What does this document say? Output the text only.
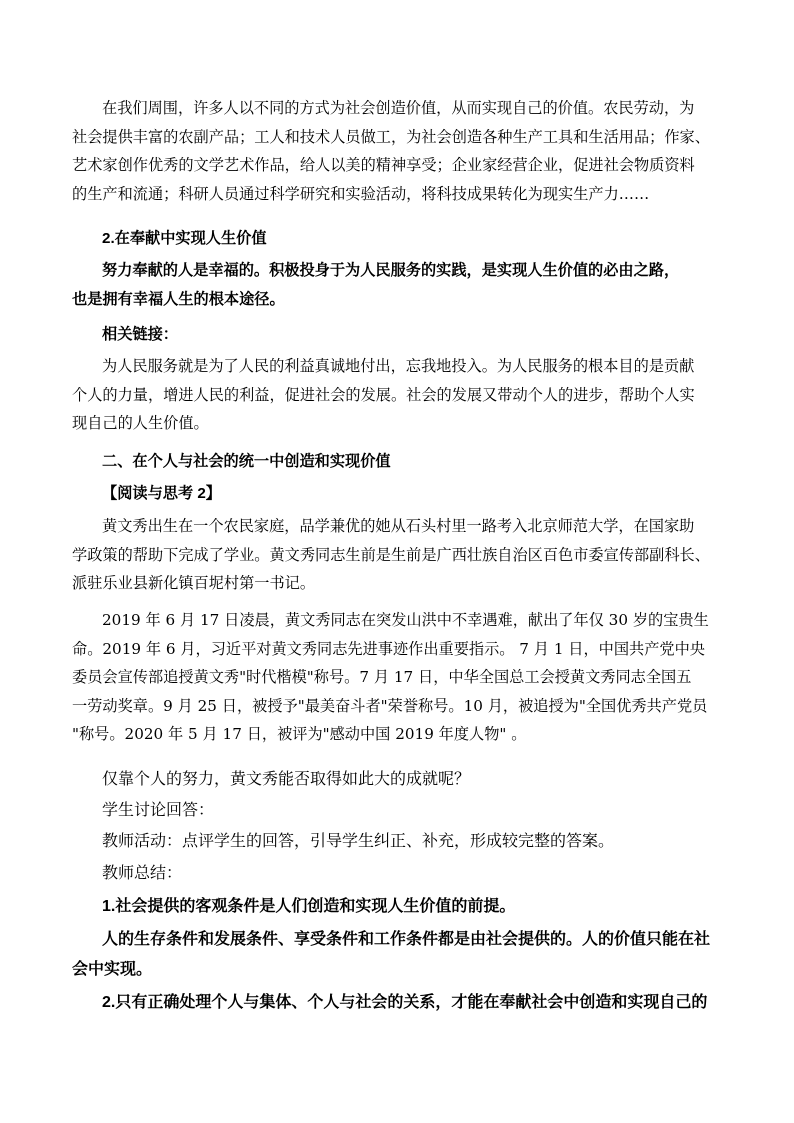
在我们周围，许多人以不同的方式为社会创造价值，从而实现自己的价值。农民劳动，为
社会提供丰富的农副产品；工人和技术人员做工，为社会创造各种生产工具和生活用品；作家、
艺术家创作优秀的文学艺术作品，给人以美的精神享受；企业家经营企业，促进社会物质资料
的生产和流通；科研人员通过科学研究和实验活动，将科技成果转化为现实生产力……
2.在奉献中实现人生价值
努力奉献的人是幸福的。积极投身于为人民服务的实践，是实现人生价值的必由之路，
也是拥有幸福人生的根本途径。
相关链接：
为人民服务就是为了人民的利益真诚地付出，忘我地投入。为人民服务的根本目的是贡献
个人的力量，增进人民的利益，促进社会的发展。社会的发展又带动个人的进步，帮助个人实
现自己的人生价值。
二、在个人与社会的统一中创造和实现价值
【阅读与思考 2】
黄文秀出生在一个农民家庭，品学兼优的她从石头村里一路考入北京师范大学，在国家助
学政策的帮助下完成了学业。黄文秀同志生前是生前是广西壮族自治区百色市委宣传部副科长、
派驻乐业县新化镇百坭村第一书记。
2019 年 6 月 17 日凌晨，黄文秀同志在突发山洪中不幸遇难，献出了年仅 30 岁的宝贵生
命。2019 年 6 月，习近平对黄文秀同志先进事迹作出重要指示。 7 月 1 日，中国共产党中央
委员会宣传部追授黄文秀"时代楷模"称号。7 月 17 日，中华全国总工会授黄文秀同志全国五
一劳动奖章。9 月 25 日，被授予"最美奋斗者"荣誉称号。10 月，被追授为"全国优秀共产党员
"称号。2020 年 5 月 17 日，被评为"感动中国 2019 年度人物" 。
仅靠个人的努力，黄文秀能否取得如此大的成就呢？
学生讨论回答：
教师活动：点评学生的回答，引导学生纠正、补充，形成较完整的答案。
教师总结：
1.社会提供的客观条件是人们创造和实现人生价值的前提。
人的生存条件和发展条件、享受条件和工作条件都是由社会提供的。人的价值只能在社
会中实现。
2.只有正确处理个人与集体、个人与社会的关系，才能在奉献社会中创造和实现自己的
